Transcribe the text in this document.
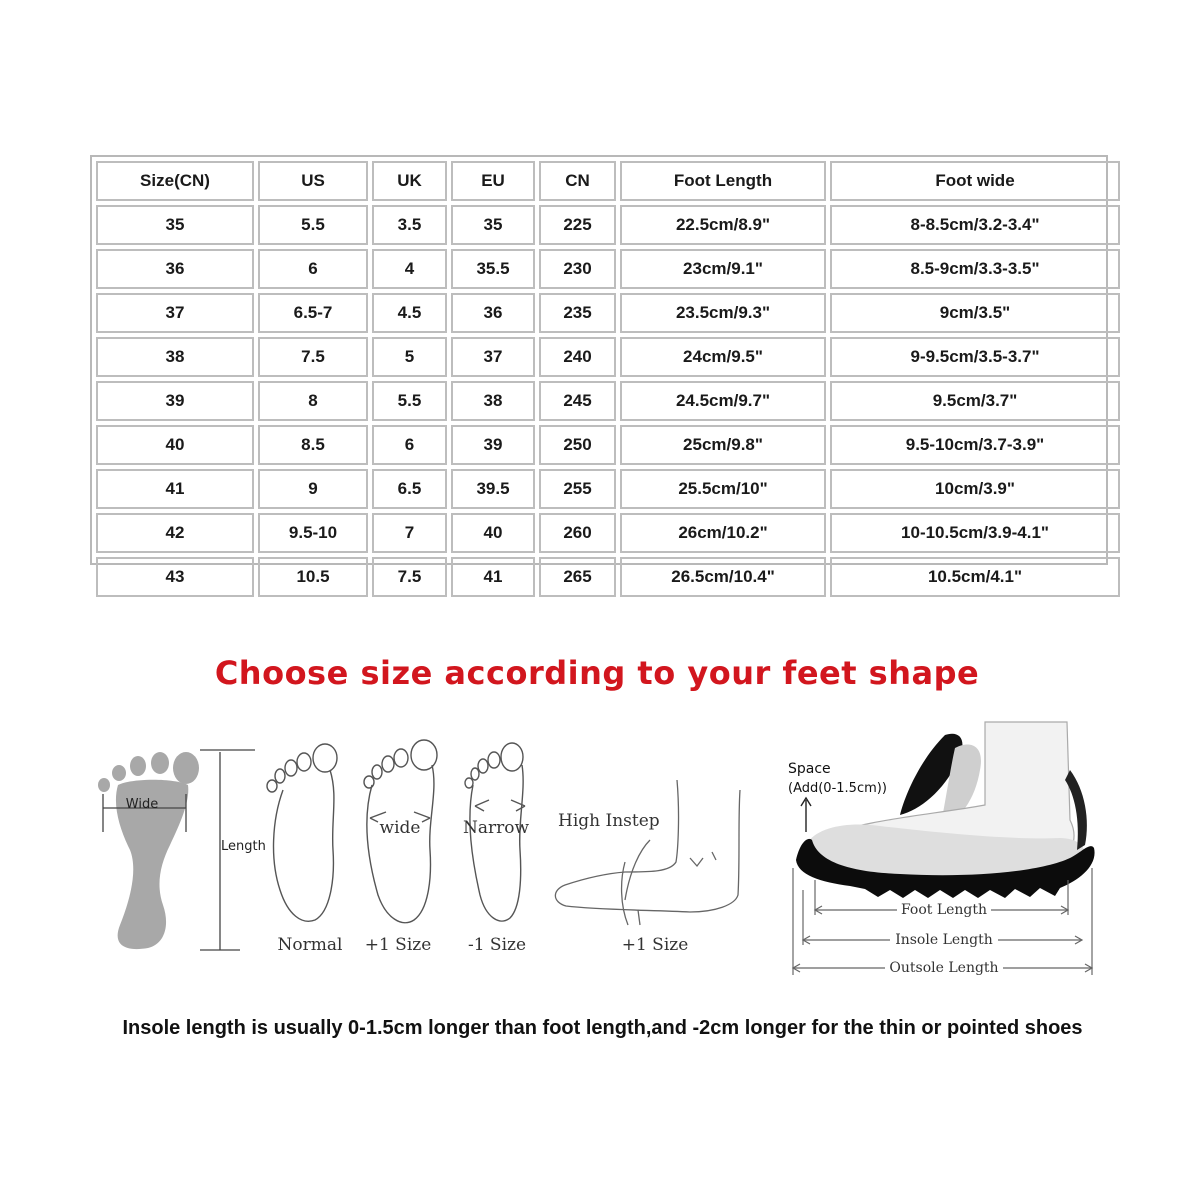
Size(CN)	US	UK	EU	CN	Foot Length	Foot wide
35	5.5	3.5	35	225	22.5cm/8.9"	8-8.5cm/3.2-3.4"
36	6	4	35.5	230	23cm/9.1"	8.5-9cm/3.3-3.5"
37	6.5-7	4.5	36	235	23.5cm/9.3"	9cm/3.5"
38	7.5	5	37	240	24cm/9.5"	9-9.5cm/3.5-3.7"
39	8	5.5	38	245	24.5cm/9.7"	9.5cm/3.7"
40	8.5	6	39	250	25cm/9.8"	9.5-10cm/3.7-3.9"
41	9	6.5	39.5	255	25.5cm/10"	10cm/3.9"
42	9.5-10	7	40	260	26cm/10.2"	10-10.5cm/3.9-4.1"
43	10.5	7.5	41	265	26.5cm/10.4"	10.5cm/4.1"
Choose size according to your feet shape
Wide
Length
Normal
wide
+1 Size
Narrow
-1 Size
High Instep
+1 Size
Space
(Add(0-1.5cm))
Foot Length
Insole Length
Outsole Length
Insole length is usually 0-1.5cm longer than foot length,and -2cm longer for the thin or pointed shoes
